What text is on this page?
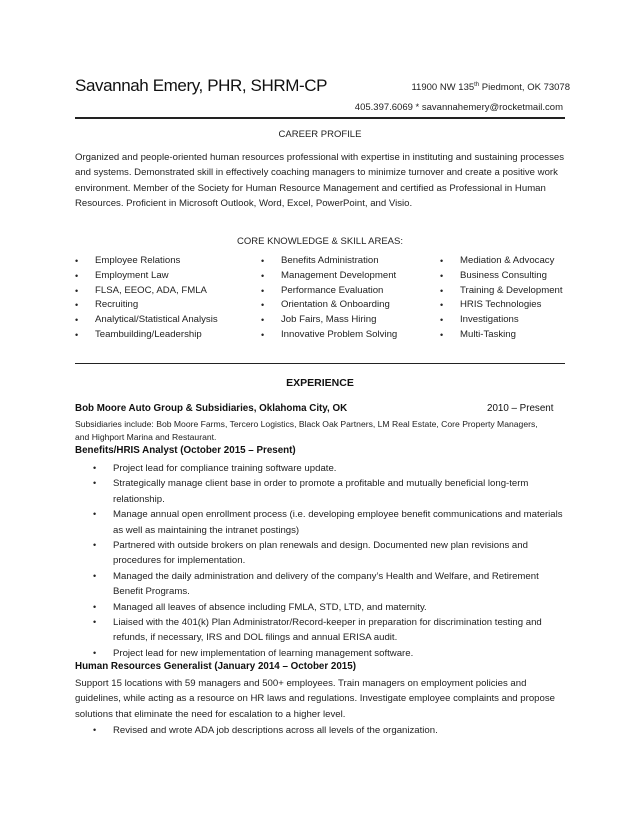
Savannah Emery, PHR, SHRM-CP	11900 NW 135th Piedmont, OK 73078
405.397.6069 * savannahemery@rocketmail.com
CAREER PROFILE
Organized and people-oriented human resources professional with expertise in instituting and sustaining processes and systems. Demonstrated skill in effectively coaching managers to minimize turnover and create a positive work environment. Member of the Society for Human Resource Management and certified as Professional in Human Resources. Proficient in Microsoft Outlook, Word, Excel, PowerPoint, and Visio.
CORE KNOWLEDGE & SKILL AREAS:
• Employee Relations
• Employment Law
• FLSA, EEOC, ADA, FMLA
• Recruiting
• Analytical/Statistical Analysis
• Teambuilding/Leadership
• Benefits Administration
• Management Development
• Performance Evaluation
• Orientation & Onboarding
• Job Fairs, Mass Hiring
• Innovative Problem Solving
• Mediation & Advocacy
• Business Consulting
• Training & Development
• HRIS Technologies
• Investigations
• Multi-Tasking
EXPERIENCE
Bob Moore Auto Group & Subsidiaries, Oklahoma City, OK	2010 – Present
Subsidiaries include: Bob Moore Farms, Tercero Logistics, Black Oak Partners, LM Real Estate, Core Property Managers, and Highport Marina and Restaurant.
Benefits/HRIS Analyst (October 2015 – Present)
• Project lead for compliance training software update.
• Strategically manage client base in order to promote a profitable and mutually beneficial long-term relationship.
• Manage annual open enrollment process (i.e. developing employee benefit communications and materials as well as maintaining the intranet postings)
• Partnered with outside brokers on plan renewals and design. Documented new plan revisions and procedures for implementation.
• Managed the daily administration and delivery of the company’s Health and Welfare, and Retirement Benefit Programs.
• Managed all leaves of absence including FMLA, STD, LTD, and maternity.
• Liaised with the 401(k) Plan Administrator/Record-keeper in preparation for discrimination testing and refunds, if necessary, IRS and DOL filings and annual ERISA audit.
• Project lead for new implementation of learning management software.
Human Resources Generalist (January 2014 – October 2015)
Support 15 locations with 59 managers and 500+ employees. Train managers on employment policies and guidelines, while acting as a resource on HR laws and regulations. Investigate employee complaints and propose solutions that eliminate the need for escalation to a higher level.
• Revised and wrote ADA job descriptions across all levels of the organization.
